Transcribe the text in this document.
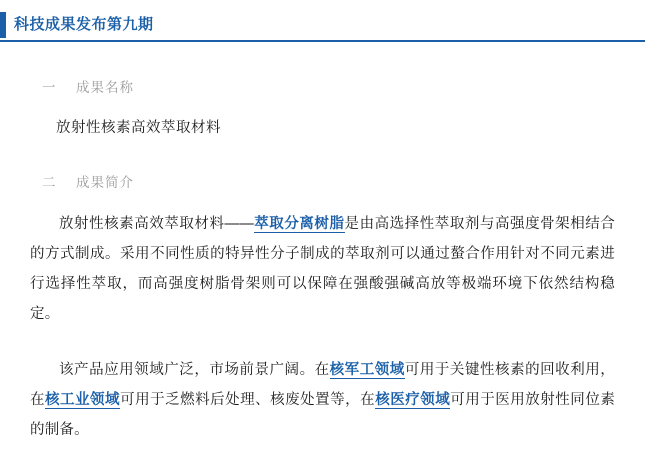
科技成果发布第九期
一	成果名称
放射性核素高效萃取材料
二	成果简介

放射性核素高效萃取材料——萃取分离树脂是由高选择性萃取剂与高强度骨架相结合的方式制成。采用不同性质的特异性分子制成的萃取剂可以通过螯合作用针对不同元素进行选择性萃取，而高强度树脂骨架则可以保障在强酸强碱高放等极端环境下依然结构稳定。

该产品应用领域广泛，市场前景广阔。在核军工领域可用于关键性核素的回收利用，在核工业领域可用于乏燃料后处理、核废处置等，在核医疗领域可用于医用放射性同位素的制备。
